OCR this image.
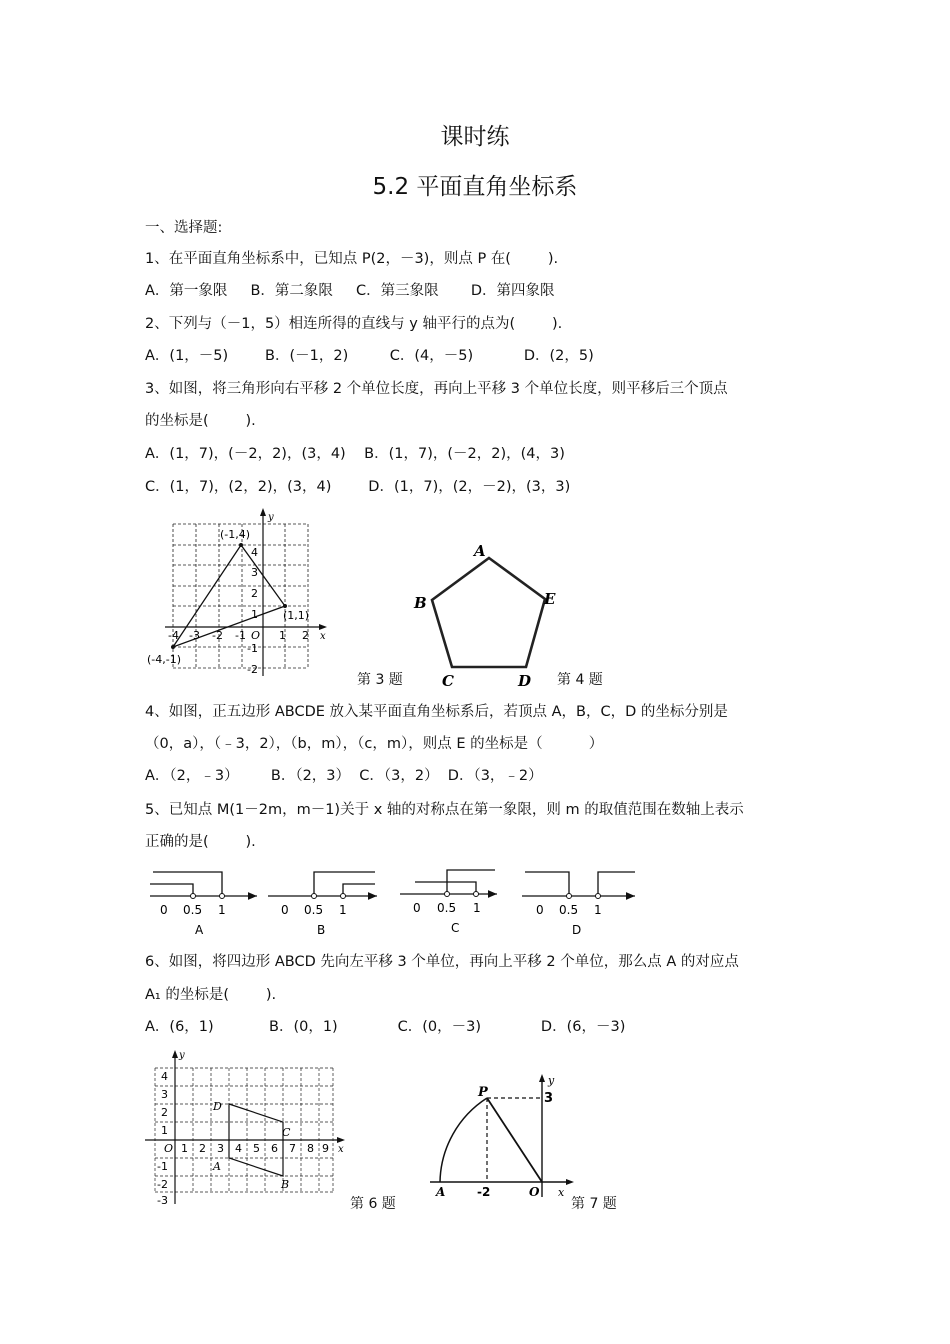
课时练
5.2 平面直角坐标系
一、选择题:
1、在平面直角坐标系中，已知点 P(2，－3)，则点 P 在(        ).
A．第一象限     B．第二象限     C．第三象限       D．第四象限
2、下列与（－1，5）相连所得的直线与 y 轴平行的点为(        ).
A．(1，－5)        B．(－1，2)         C．(4，－5)           D．(2，5)
3、如图，将三角形向右平移 2 个单位长度，再向上平移 3 个单位长度，则平移后三个顶点
的坐标是(        ).
A．(1，7)，(－2，2)，(3，4)    B．(1，7)，(－2，2)，(4，3)
C．(1，7)，(2，2)，(3，4)        D．(1，7)，(2，－2)，(3，3)
y
x
(-1,4)
(1,1)
(-4,-1)
O
-4 -3 -2 -1	1 2
4
3
2
1
-1
-2
第 3 题
A
B
C	D
E
第 4 题
4、如图，正五边形 ABCDE 放入某平面直角坐标系后，若顶点 A，B，C，D 的坐标分别是
（0，a），（﹣3，2），（b，m），（c，m），则点 E 的坐标是（          ）
A．（2，﹣3）       B．（2，3）  C．（3，2）  D．（3，﹣2）
5、已知点 M(1－2m，m－1)关于 x 轴的对称点在第一象限，则 m 的取值范围在数轴上表示
正确的是(        ).
0 0.5 1
A
0 0.5 1
B
0 0.5 1
C
0 0.5 1
D
6、如图，将四边形 ABCD 先向左平移 3 个单位，再向上平移 2 个单位，那么点 A 的对应点
A₁ 的坐标是(        ).
A．(6，1)            B．(0，1)             C．(0，－3)             D．(6，－3)
y
x
O
A
B
C
D
1 2 3 4 5 6 7 8 9
4
3
2
1
-1
-2
-3	第 6 题
P	3
-2
A	O
y
x
第 7 题
